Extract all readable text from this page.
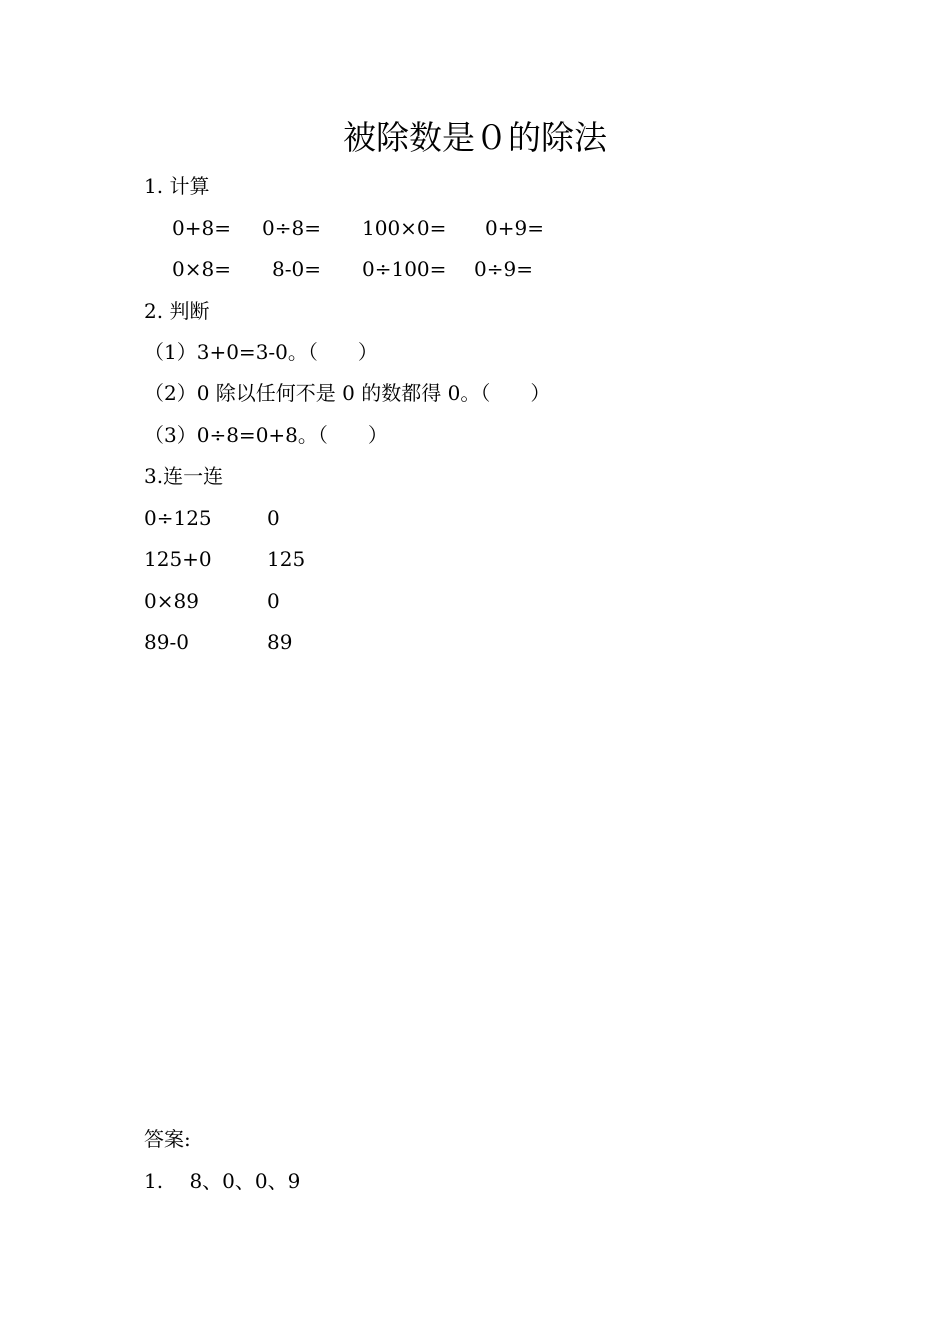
被除数是０的除法
1. 计算
0+8= 0÷8= 100×0= 0+9=
0×8= 8-0= 0÷100= 0÷9=
2. 判断
（1）3+0=3-0。（　　）
（2）0 除以任何不是 0 的数都得 0。（　　）
（3）0÷8=0+8。（　　）
3.连一连
0÷125	0
125+0	125
0×89	0
89-0	89
答案:
1.　 8、0、0、9
